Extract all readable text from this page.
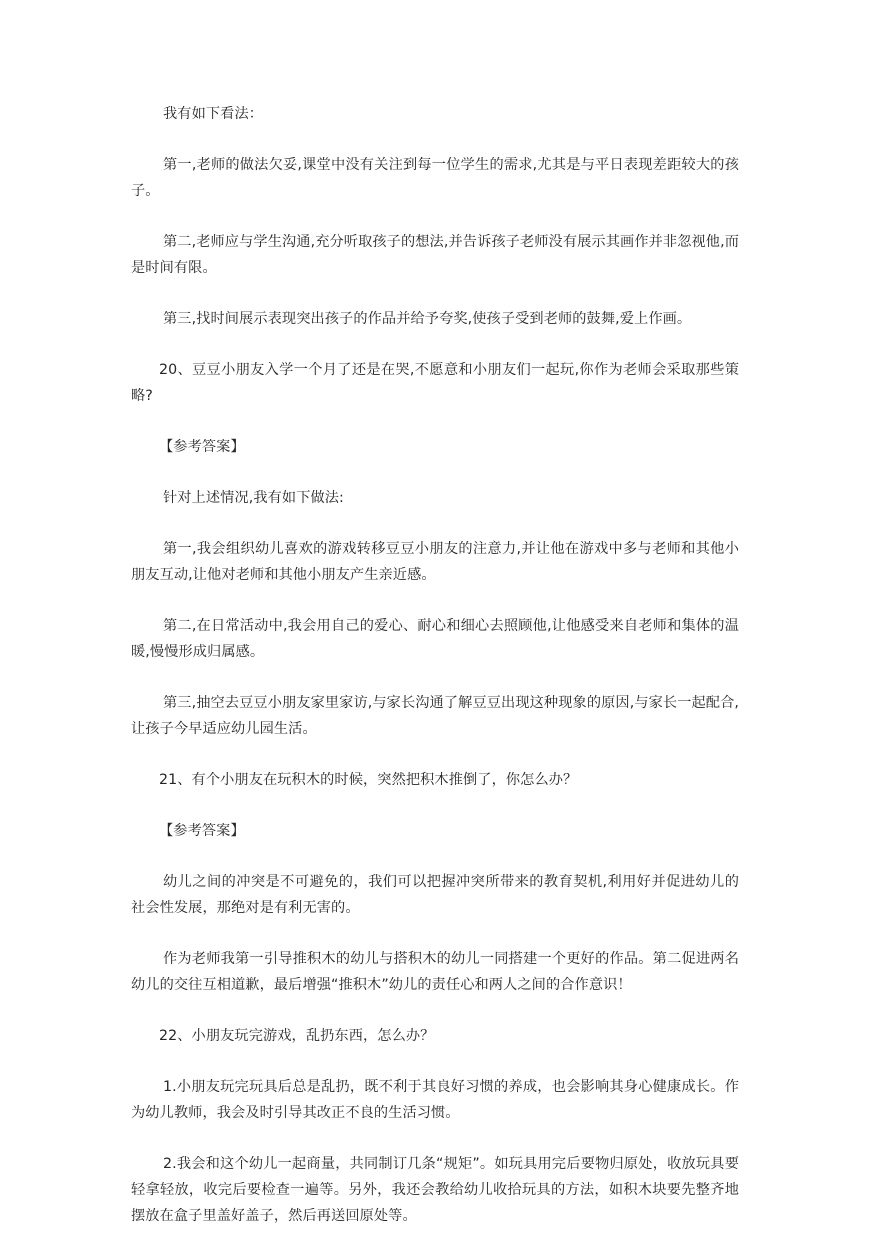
我有如下看法：

第一,老师的做法欠妥,课堂中没有关注到每一位学生的需求,尤其是与平日表现差距较大的孩子。

第二,老师应与学生沟通,充分听取孩子的想法,并告诉孩子老师没有展示其画作并非忽视他,而是时间有限。

第三,找时间展示表现突出孩子的作品并给予夸奖,使孩子受到老师的鼓舞,爱上作画。

20、豆豆小朋友入学一个月了还是在哭,不愿意和小朋友们一起玩,你作为老师会采取那些策略?

【参考答案】

针对上述情况,我有如下做法:

第一,我会组织幼儿喜欢的游戏转移豆豆小朋友的注意力,并让他在游戏中多与老师和其他小朋友互动,让他对老师和其他小朋友产生亲近感。

第二,在日常活动中,我会用自己的爱心、耐心和细心去照顾他,让他感受来自老师和集体的温暖,慢慢形成归属感。

第三,抽空去豆豆小朋友家里家访,与家长沟通了解豆豆出现这种现象的原因,与家长一起配合,让孩子今早适应幼儿园生活。

21、有个小朋友在玩积木的时候，突然把积木推倒了，你怎么办？

【参考答案】

幼儿之间的冲突是不可避免的，我们可以把握冲突所带来的教育契机,利用好并促进幼儿的社会性发展，那绝对是有利无害的。

作为老师我第一引导推积木的幼儿与搭积木的幼儿一同搭建一个更好的作品。第二促进两名幼儿的交往互相道歉，最后增强“推积木”幼儿的责任心和两人之间的合作意识！

22、小朋友玩完游戏，乱扔东西，怎么办？

1.小朋友玩完玩具后总是乱扔，既不利于其良好习惯的养成，也会影响其身心健康成长。作为幼儿教师，我会及时引导其改正不良的生活习惯。

2.我会和这个幼儿一起商量，共同制订几条“规矩”。如玩具用完后要物归原处，收放玩具要轻拿轻放，收完后要检查一遍等。另外，我还会教给幼儿收拾玩具的方法，如积木块要先整齐地摆放在盒子里盖好盖子，然后再送回原处等。
